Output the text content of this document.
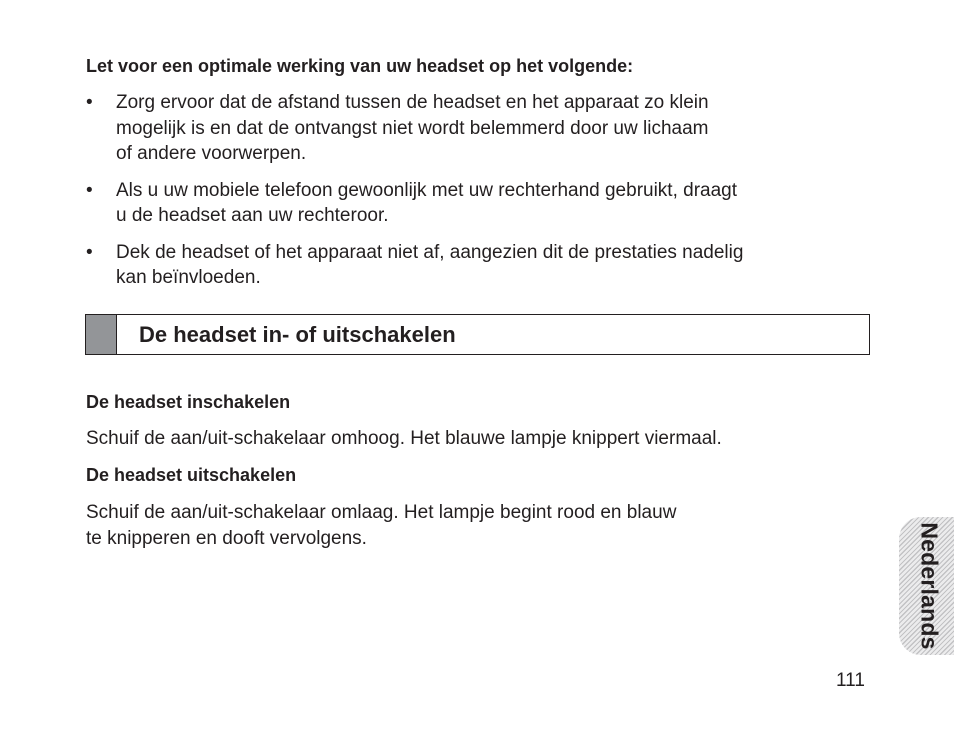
Let voor een optimale werking van uw headset op het volgende:
• Zorg ervoor dat de afstand tussen de headset en het apparaat zo klein
mogelijk is en dat de ontvangst niet wordt belemmerd door uw lichaam
of andere voorwerpen.
• Als u uw mobiele telefoon gewoonlijk met uw rechterhand gebruikt, draagt
u de headset aan uw rechteroor.
• Dek de headset of het apparaat niet af, aangezien dit de prestaties nadelig
kan beïnvloeden.
De headset in- of uitschakelen
De headset inschakelen
Schuif de aan/uit-schakelaar omhoog. Het blauwe lampje knippert viermaal.
De headset uitschakelen
Schuif de aan/uit-schakelaar omlaag. Het lampje begint rood en blauw
te knipperen en dooft vervolgens.	Nederlands
111
